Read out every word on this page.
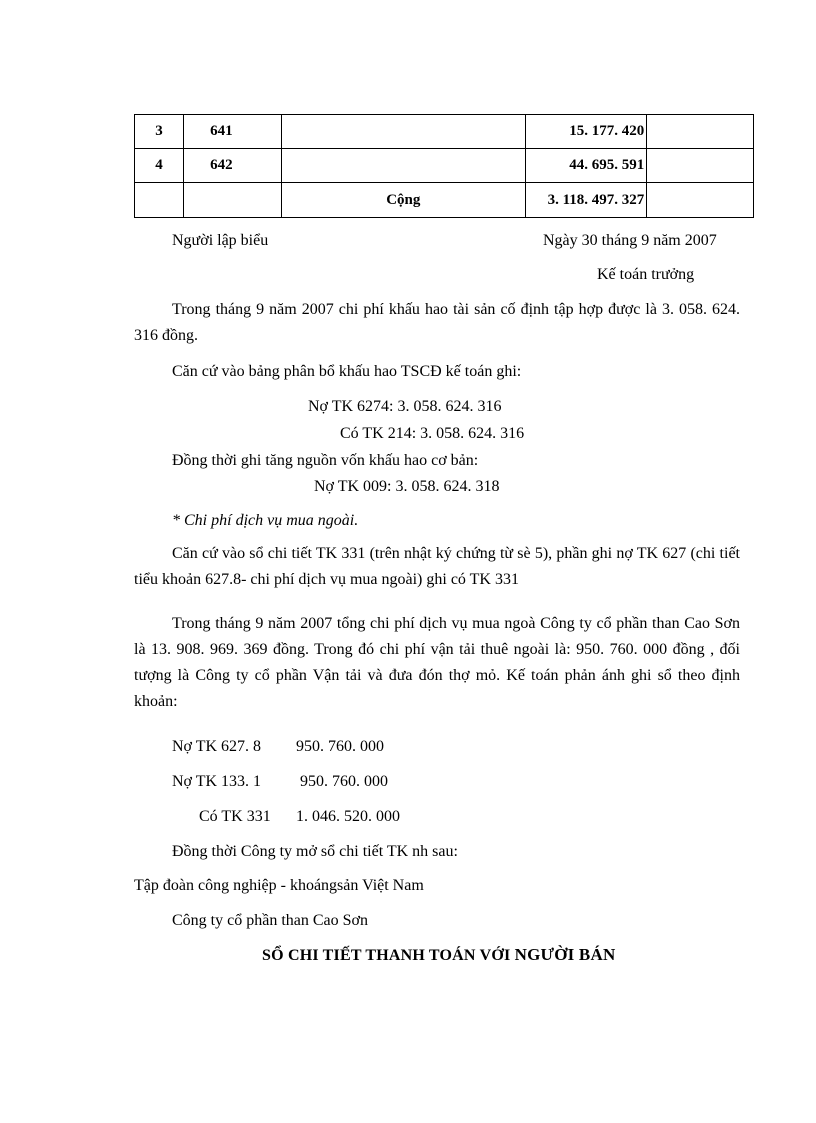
3	641		15. 177. 420	
4	642		44. 695. 591	
		Cộng	3. 118. 497. 327	
Người lập biểu	Ngày 30 tháng 9 năm 2007
Kế toán trưởng
Trong tháng 9 năm 2007 chi phí khấu hao tài sản cố định tập hợp được là 3. 058. 624. 316 đồng.
Căn cứ vào bảng phân bổ khấu hao TSCĐ kế toán ghi:
Nợ TK 6274: 3. 058. 624. 316
Có TK 214: 3. 058. 624. 316
Đồng thời ghi tăng nguồn vốn khấu hao cơ bản:
Nợ TK 009: 3. 058. 624. 318
* Chi phí dịch vụ mua ngoài.
Căn cứ vào sổ chi tiết TK 331 (trên nhật ký chứng từ sè 5), phần ghi nợ TK 627 (chi tiết tiểu khoản 627.8- chi phí dịch vụ mua ngoài) ghi có TK 331
Trong tháng 9 năm 2007 tổng chi phí dịch vụ mua ngoà Công ty cổ phần than Cao Sơn là 13. 908. 969. 369 đồng. Trong đó chi phí vận tải thuê ngoài là: 950. 760. 000 đồng , đối tượng là Công ty cổ phần Vận tải và đưa đón thợ mỏ. Kế toán phản ánh ghi sổ theo định khoản:
Nợ TK 627. 8 950. 760. 000
Nợ TK 133. 1 950. 760. 000
Có TK 331 1. 046. 520. 000
Đồng thời Công ty mở sổ chi tiết TK nh sau:
Tập đoàn công nghiệp - khoángsản Việt Nam
Công ty cổ phần than Cao Sơn
SỔ CHI TIẾT THANH TOÁN VỚI NGƯỜI BÁN
